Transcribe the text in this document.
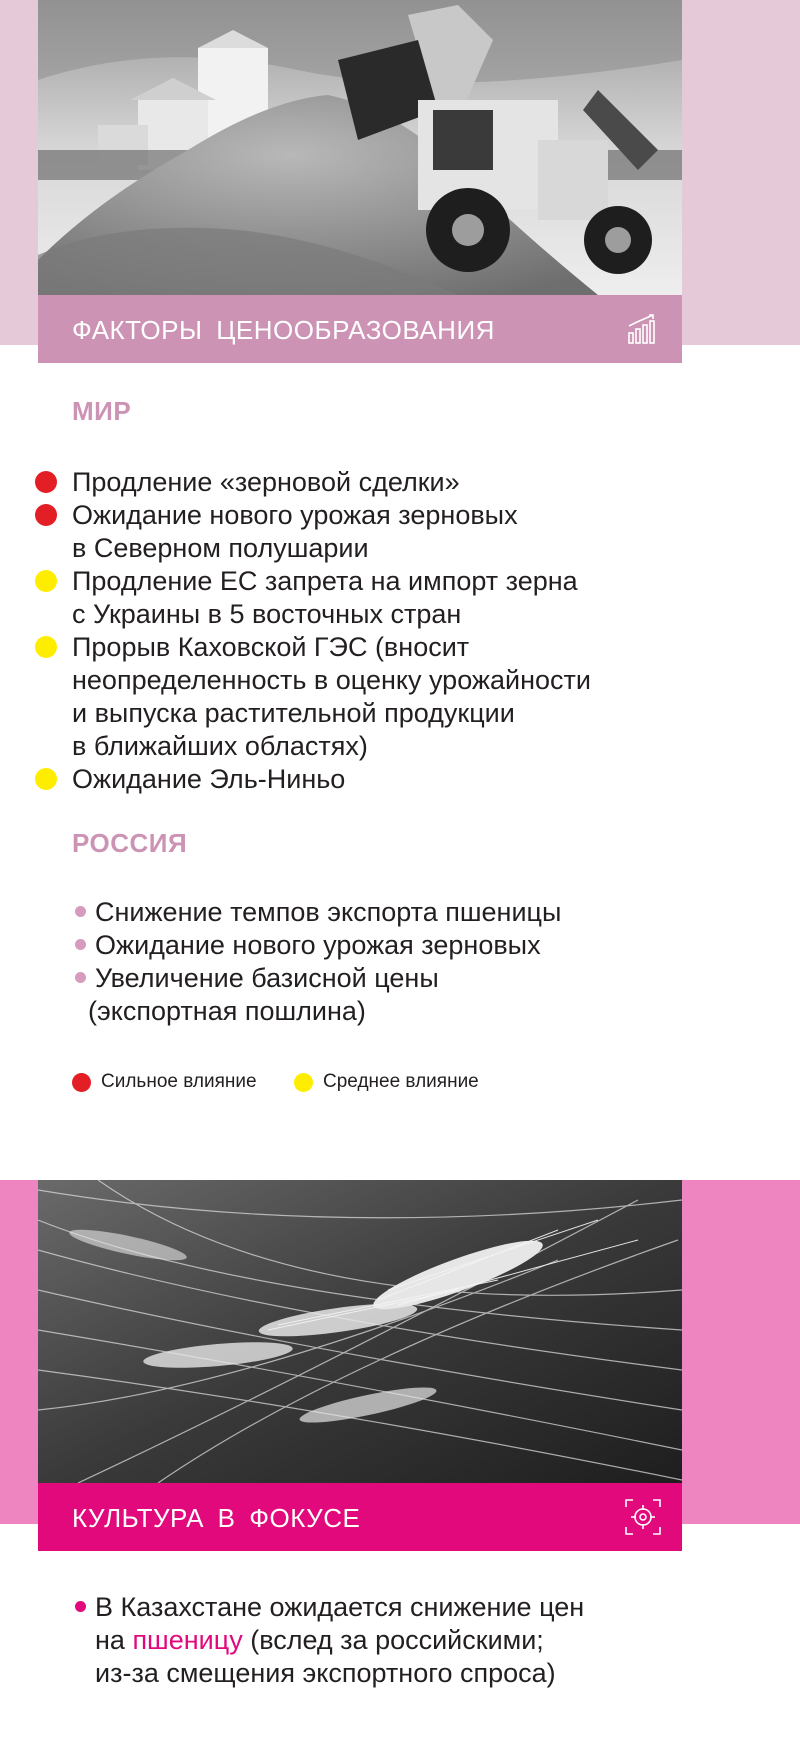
ФАКТОРЫ ЦЕНООБРАЗОВАНИЯ
МИР
Продление «зерновой сделки»
Ожидание нового урожая зерновых
в Северном полушарии
Продление ЕС запрета на импорт зерна
с Украины в 5 восточных стран
Прорыв Каховской ГЭС (вносит
неопределенность в оценку урожайности
и выпуска растительной продукции
в ближайших областях)
Ожидание Эль-Ниньо
РОССИЯ
Снижение темпов экспорта пшеницы
Ожидание нового урожая зерновых
Увеличение базисной цены
(экспортная пошлина)
Сильное влияние	Среднее влияние
КУЛЬТУРА В ФОКУСЕ
В Казахстане ожидается снижение цен
на пшеницу (вслед за российскими;
из-за смещения экспортного спроса)
